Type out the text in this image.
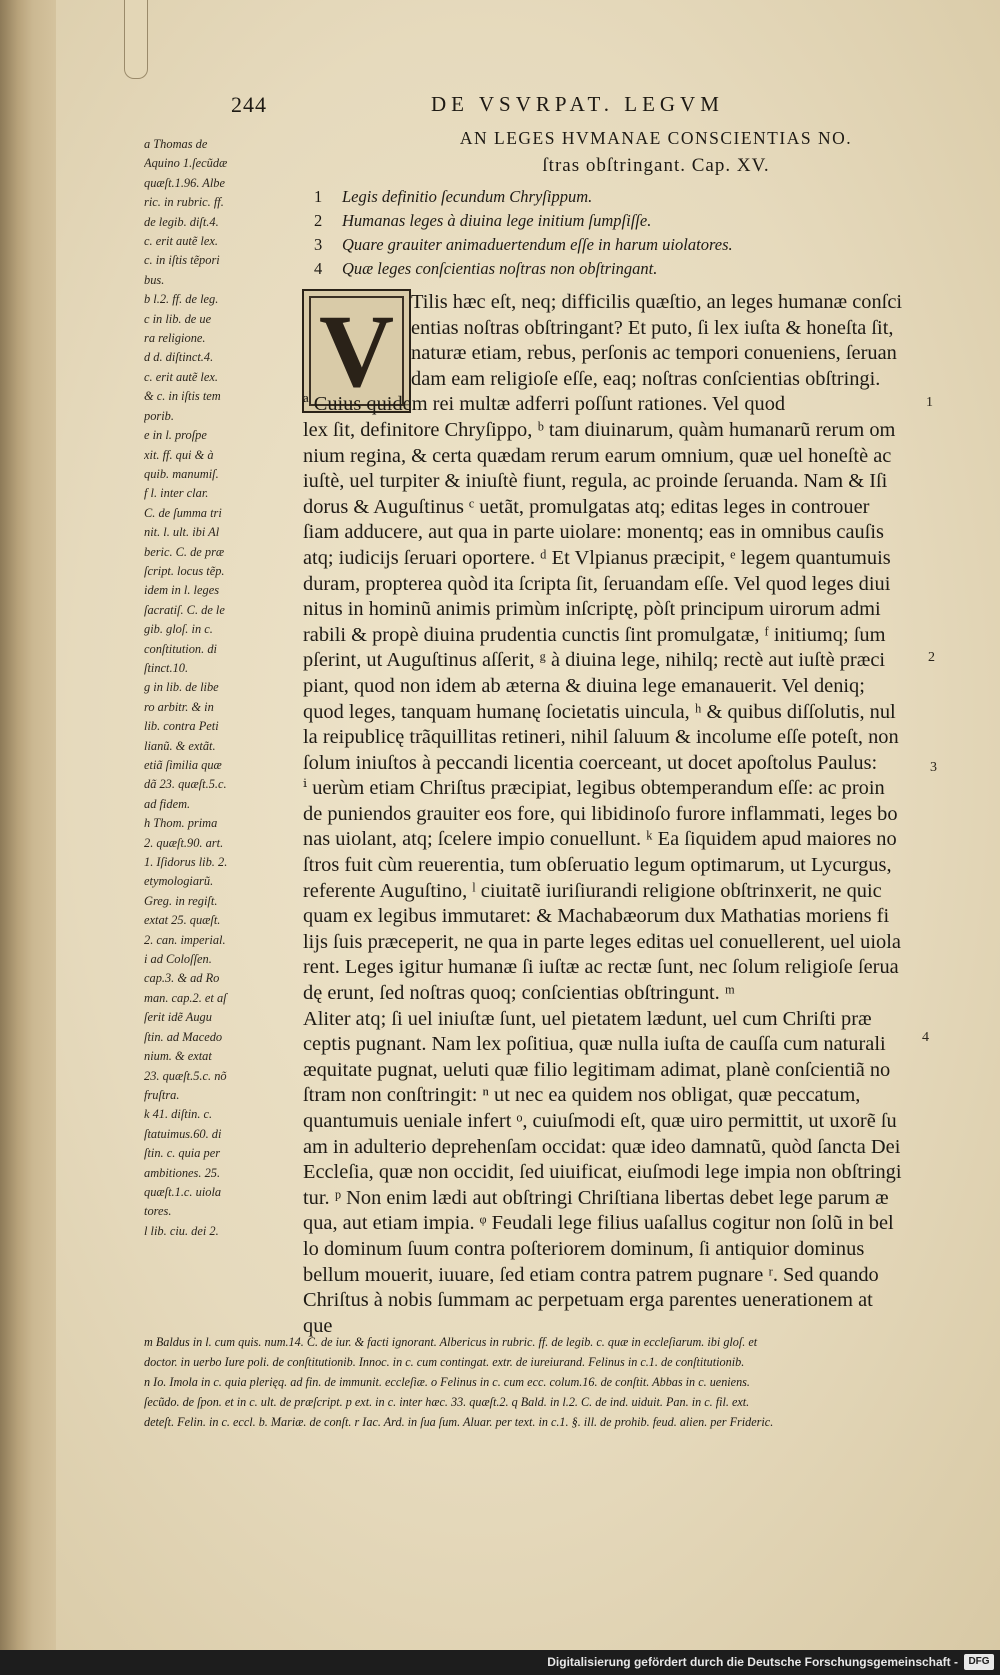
244	DE VSVRPAT. LEGVM
AN LEGES HVMANAE CONSCIENTIAS NO.
ſtras obſtringant. Cap. XV.
1	Legis definitio ſecundum Chryſippum.
2	Humanas leges à diuina lege initium ſumpſiſſe.
3	Quare grauiter animaduertendum eſſe in harum uiolatores.
4	Quæ leges conſcientias noſtras non obſtringant.
V Tilis hæc eſt, neq; difficilis quæſtio, an leges humanæ conſci
entias noſtras obſtringant? Et puto, ſi lex iuſta & honeſta ſit,
naturæ etiam, rebus, perſonis ac tempori conueniens, ſeruan
dam eam religioſe eſſe, eaq; noſtras conſcientias obſtringi.
ª Cuius quidem rei multæ adferri poſſunt rationes. Vel quod
lex ſit, definitore Chryſippo, ᵇ tam diuinarum, quàm humanarũ rerum om
nium regina, & certa quædam rerum earum omnium, quæ uel honeſtè ac
iuſtè, uel turpiter & iniuſtè fiunt, regula, ac proinde ſeruanda. Nam & Iſi
dorus & Auguſtinus ᶜ uetãt, promulgatas atq; editas leges in controuer
ſiam adducere, aut qua in parte uiolare: monentq; eas in omnibus cauſis
atq; iudicijs ſeruari oportere. ᵈ Et Vlpianus præcipit, ᵉ legem quantumuis
duram, propterea quòd ita ſcripta ſit, ſeruandam eſſe. Vel quod leges diui
nitus in hominũ animis primùm inſcriptę, pòſt principum uirorum admi
rabili & propè diuina prudentia cunctis ſint promulgatæ, ᶠ initiumq; ſum
pſerint, ut Auguſtinus aſſerit, ᵍ à diuina lege, nihilq; rectè aut iuſtè præci
piant, quod non idem ab æterna & diuina lege emanauerit. Vel deniq;
quod leges, tanquam humanę ſocietatis uincula, ʰ & quibus diſſolutis, nul
la reipublicę trãquillitas retineri, nihil ſaluum & incolume eſſe poteſt, non
ſolum iniuſtos à peccandi licentia coerceant, ut docet apoſtolus Paulus:
ⁱ uerùm etiam Chriſtus præcipiat, legibus obtemperandum eſſe: ac proin
de puniendos grauiter eos fore, qui libidinoſo furore inflammati, leges bo
nas uiolant, atq; ſcelere impio conuellunt. ᵏ Ea ſiquidem apud maiores no
ſtros fuit cùm reuerentia, tum obſeruatio legum optimarum, ut Lycurgus,
referente Auguſtino, ˡ ciuitatẽ iuriſiurandi religione obſtrinxerit, ne quic
quam ex legibus immutaret: & Machabæorum dux Mathatias moriens fi
lijs ſuis præceperit, ne qua in parte leges editas uel conuellerent, uel uiola
rent. Leges igitur humanæ ſi iuſtæ ac rectæ ſunt, nec ſolum religioſe ſerua
dę erunt, ſed noſtras quoq; conſcientias obſtringunt. ᵐ
Aliter atq; ſi uel iniuſtæ ſunt, uel pietatem lædunt, uel cum Chriſti præ
ceptis pugnant. Nam lex poſitiua, quæ nulla iuſta de cauſſa cum naturali
æquitate pugnat, ueluti quæ filio legitimam adimat, planè conſcientiã no
ſtram non conſtringit: ⁿ ut nec ea quidem nos obligat, quæ peccatum,
quantumuis ueniale infert ᵒ, cuiuſmodi eſt, quæ uiro permittit, ut uxorẽ ſu
am in adulterio deprehenſam occidat: quæ ideo damnatũ, quòd ſancta Dei
Eccleſia, quæ non occidit, ſed uiuificat, eiuſmodi lege impia non obſtringi
tur. ᵖ Non enim lædi aut obſtringi Chriſtiana libertas debet lege parum æ
qua, aut etiam impia. ᵠ Feudali lege filius uaſallus cogitur non ſolũ in bel
lo dominum ſuum contra poſteriorem dominum, ſi antiquior dominus
bellum mouerit, iuuare, ſed etiam contra patrem pugnare ʳ. Sed quando
Chriſtus à nobis ſummam ac perpetuam erga parentes uenerationem at
que
a Thomas de
Aquino 1.ſecũdæ
quæſt.1.96. Albe
ric. in rubric. ff.
de legib. diſt.4.
c. erit autẽ lex.
c. in iſtis tẽpori
bus.
b l.2. ff. de leg.
c in lib. de ue
ra religione.
d d. diſtinct.4.
c. erit autẽ lex.
& c. in iſtis tem
porib.
e in l. proſpe
xit. ff. qui & à
quib. manumiſ.
f l. inter clar.
C. de ſumma tri
nit. l. ult. ibi Al
beric. C. de præ
ſcript. locus tẽp.
idem in l. leges
ſacratiſ. C. de le
gib. gloſ. in c.
conſtitution. di
ſtinct.10.
g in lib. de libe
ro arbitr. & in
lib. contra Peti
lianũ. & extãt.
etiã ſimilia quæ
dã 23. quæſt.5.c.
ad fidem.
h Thom. prima
2. quæſt.90. art.
1. Iſidorus lib. 2.
etymologiarũ.
Greg. in regiſt.
extat 25. quæſt.
2. can. imperial.
i ad Coloſſen.
cap.3. & ad Ro
man. cap.2. et aſ
ſerit idẽ Augu
ſtin. ad Macedo
nium. & extat
23. quæſt.5.c. nõ
fruſtra.
k 41. diſtin. c.
ſtatuimus.60. di
ſtin. c. quia per
ambitiones. 25.
quæſt.1.c. uiola
tores.
l lib. ciu. dei 2.
1
2
3
4
m Baldus in l. cum quis. num.14. C. de iur. & facti ignorant. Albericus in rubric. ff. de legib. c. quæ in eccleſiarum. ibi gloſ. et
doctor. in uerbo Iure poli. de conſtitutionib. Innoc. in c. cum contingat. extr. de iureiurand. Felinus in c.1. de conſtitutionib.
n Io. Imola in c. quia plerięq. ad fin. de immunit. eccleſiæ. o Felinus in c. cum ecc. colum.16. de conſtit. Abbas in c. ueniens.
ſecũdo. de ſpon. et in c. ult. de præſcript. p ext. in c. inter hæc. 33. quæſt.2. q Bald. in l.2. C. de ind. uiduit. Pan. in c. fil. ext.
deteſt. Felin. in c. eccl. b. Mariæ. de conſt. r Iac. Ard. in ſua ſum. Aluar. per text. in c.1. §. ill. de prohib. feud. alien. per Frideric.
Digitalisierung gefördert durch die Deutsche Forschungsgemeinschaft -	DFG
